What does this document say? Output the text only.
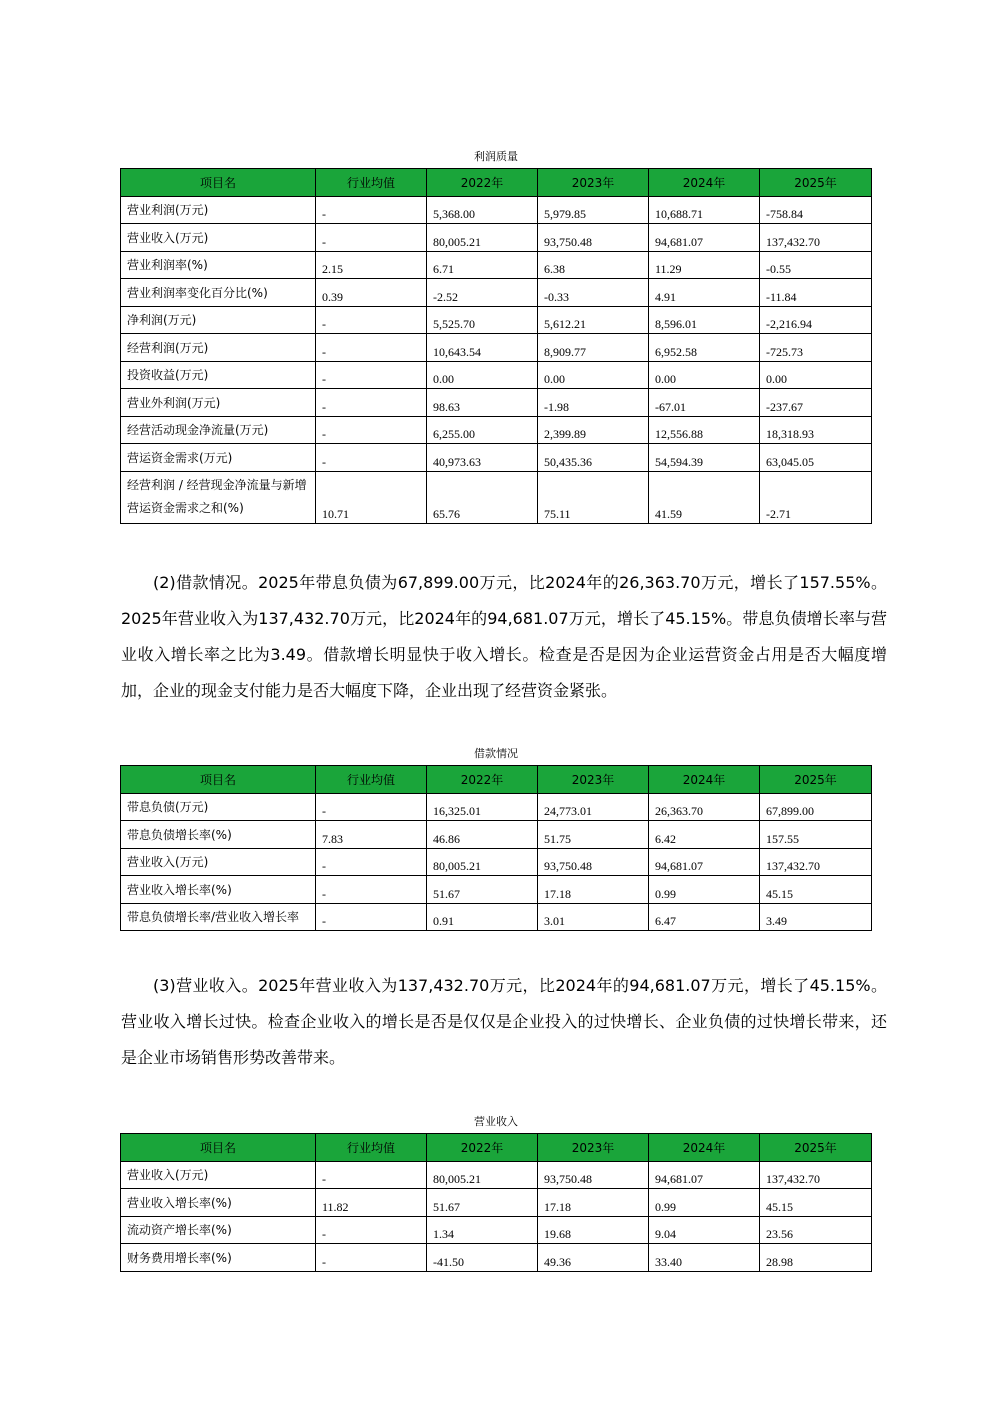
利润质量
项目名	行业均值	2022年	2023年	2024年	2025年
营业利润(万元)	-	5,368.00	5,979.85	10,688.71	-758.84
营业收入(万元)	-	80,005.21	93,750.48	94,681.07	137,432.70
营业利润率(%)	2.15	6.71	6.38	11.29	-0.55
营业利润率变化百分比(%)	0.39	-2.52	-0.33	4.91	-11.84
净利润(万元)	-	5,525.70	5,612.21	8,596.01	-2,216.94
经营利润(万元)	-	10,643.54	8,909.77	6,952.58	-725.73
投资收益(万元)	-	0.00	0.00	0.00	0.00
营业外利润(万元)	-	98.63	-1.98	-67.01	-237.67
经营活动现金净流量(万元)	-	6,255.00	2,399.89	12,556.88	18,318.93
营运资金需求(万元)	-	40,973.63	50,435.36	54,594.39	63,045.05
经营利润 / 经营现金净流量与新增营运资金需求之和(%)	10.71	65.76	75.11	41.59	-2.71
(2)借款情况。2025年带息负债为67,899.00万元，比2024年的26,363.70万元，增长了157.55%。2025年营业收入为137,432.70万元，比2024年的94,681.07万元，增长了45.15%。带息负债增长率与营业收入增长率之比为3.49。借款增长明显快于收入增长。检查是否是因为企业运营资金占用是否大幅度增加，企业的现金支付能力是否大幅度下降，企业出现了经营资金紧张。
借款情况
项目名	行业均值	2022年	2023年	2024年	2025年
带息负债(万元)	-	16,325.01	24,773.01	26,363.70	67,899.00
带息负债增长率(%)	7.83	46.86	51.75	6.42	157.55
营业收入(万元)	-	80,005.21	93,750.48	94,681.07	137,432.70
营业收入增长率(%)	-	51.67	17.18	0.99	45.15
带息负债增长率/营业收入增长率	-	0.91	3.01	6.47	3.49
(3)营业收入。2025年营业收入为137,432.70万元，比2024年的94,681.07万元，增长了45.15%。营业收入增长过快。检查企业收入的增长是否是仅仅是企业投入的过快增长、企业负债的过快增长带来，还是企业市场销售形势改善带来。
营业收入
项目名	行业均值	2022年	2023年	2024年	2025年
营业收入(万元)	-	80,005.21	93,750.48	94,681.07	137,432.70
营业收入增长率(%)	11.82	51.67	17.18	0.99	45.15
流动资产增长率(%)	-	1.34	19.68	9.04	23.56
财务费用增长率(%)	-	-41.50	49.36	33.40	28.98
